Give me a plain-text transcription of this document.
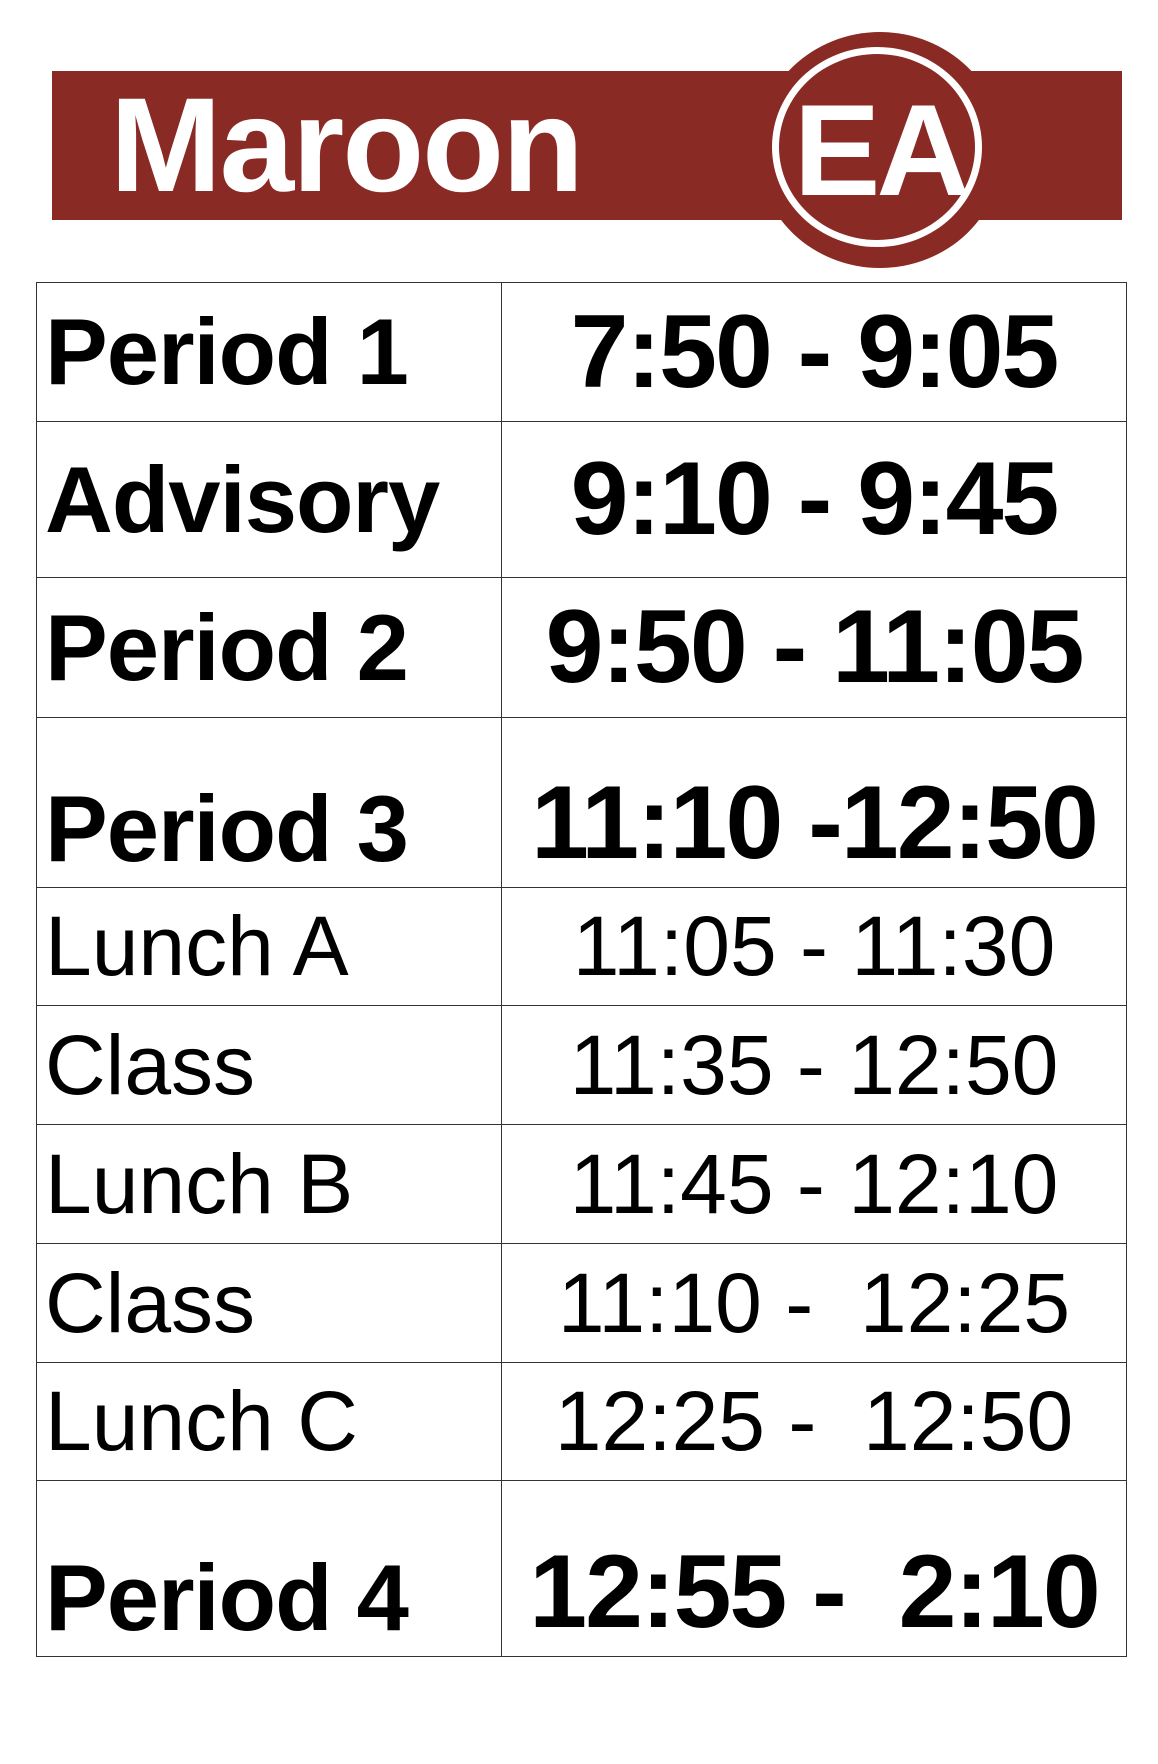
Maroon EA
Period 1	7:50 - 9:05
Advisory	9:10 - 9:45
Period 2	9:50 - 11:05
Period 3	11:10 -12:50
Lunch A	11:05 - 11:30
Class	11:35 - 12:50
Lunch B	11:45 - 12:10
Class	11:10 -  12:25
Lunch C	12:25 -  12:50
Period 4	12:55 -  2:10
